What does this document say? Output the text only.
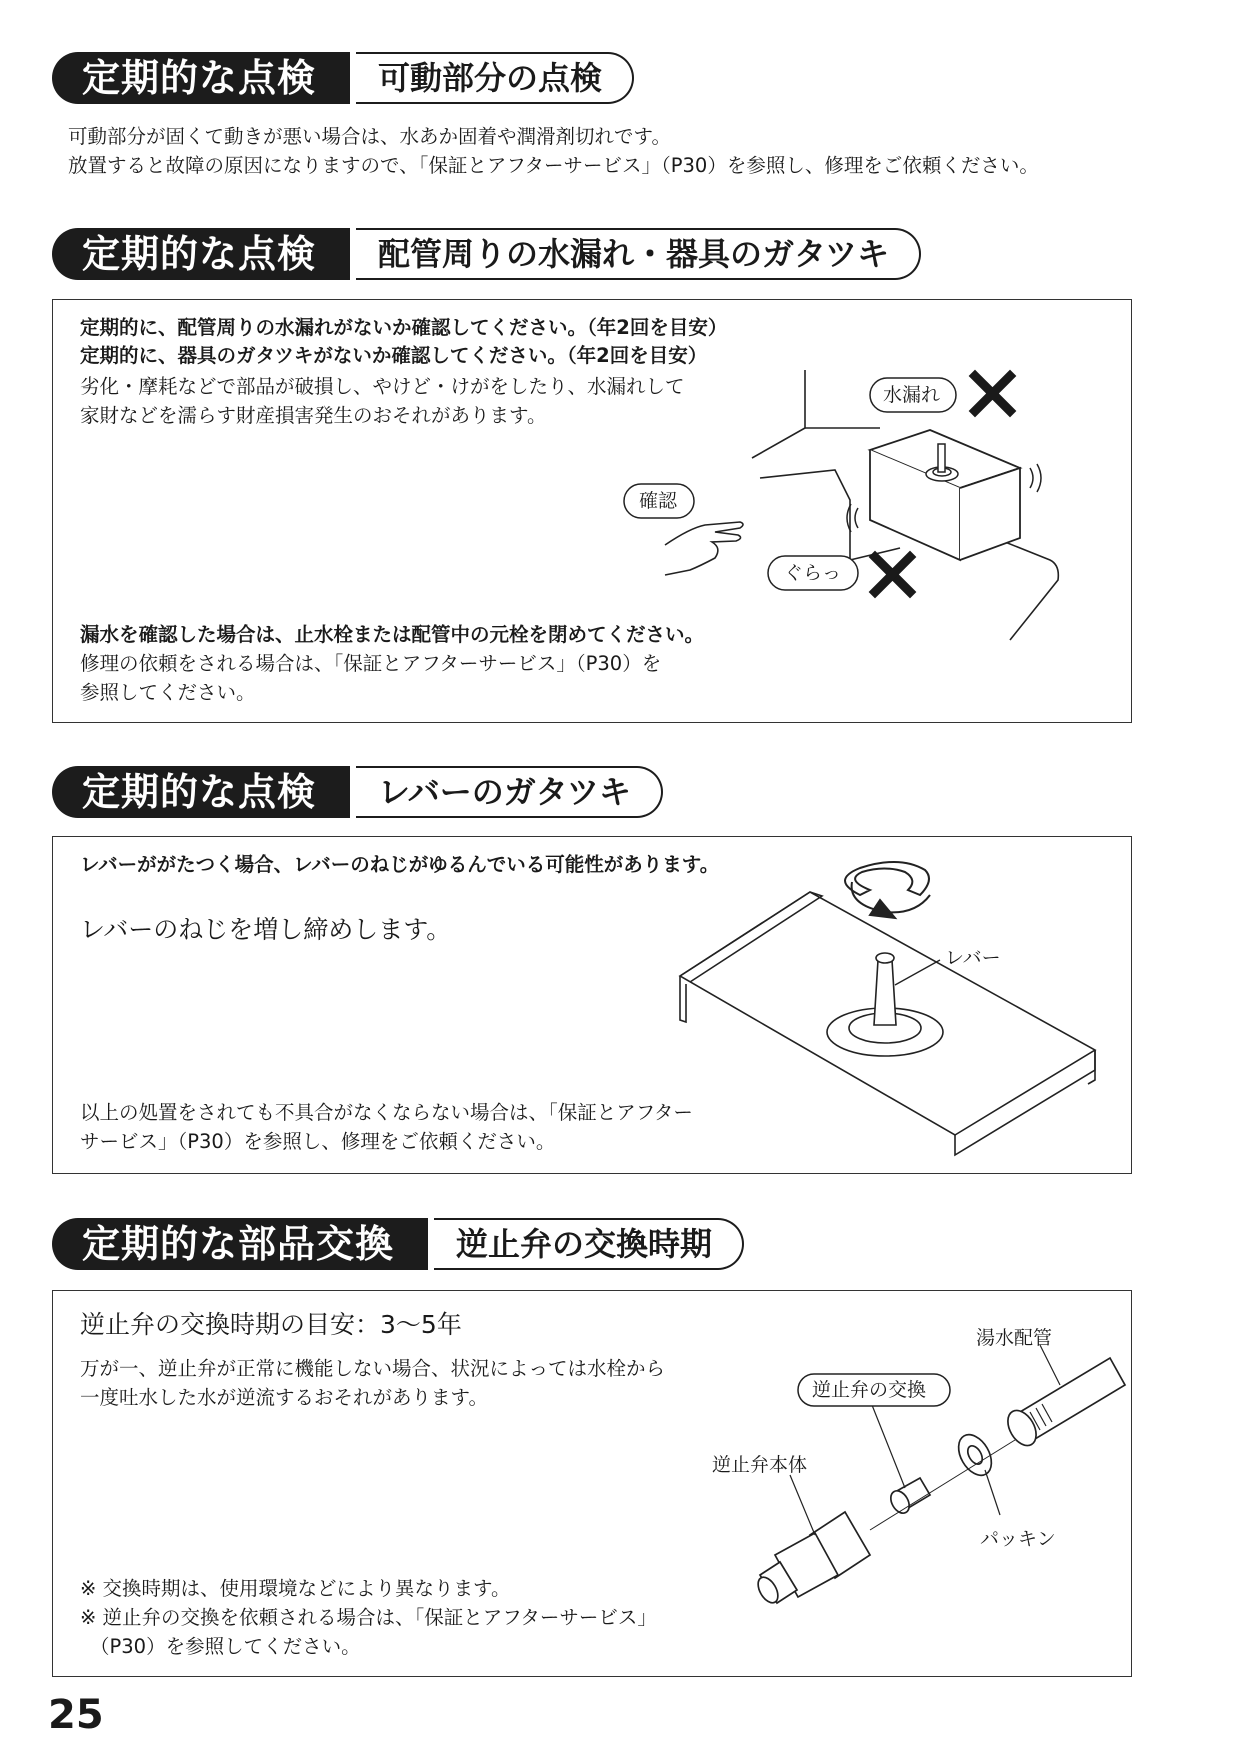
定期的な点検	可動部分の点検
可動部分が固くて動きが悪い場合は、水あか固着や潤滑剤切れです。
放置すると故障の原因になりますので、「保証とアフターサービス」（P30）を参照し、修理をご依頼ください。
定期的な点検	配管周りの水漏れ・器具のガタツキ
定期的に、配管周りの水漏れがないか確認してください。（年2回を目安）
定期的に、器具のガタツキがないか確認してください。（年2回を目安）
劣化・摩耗などで部品が破損し、やけど・けがをしたり、水漏れして
家財などを濡らす財産損害発生のおそれがあります。
漏水を確認した場合は、止水栓または配管中の元栓を閉めてください。
修理の依頼をされる場合は、「保証とアフターサービス」（P30）を
参照してください。
水漏れ
確認
ぐらっ
定期的な点検	レバーのガタツキ
レバーががたつく場合、レバーのねじがゆるんでいる可能性があります。
レバーのねじを増し締めします。
以上の処置をされても不具合がなくならない場合は、「保証とアフター
サービス」（P30）を参照し、修理をご依頼ください。
レバー
定期的な部品交換	逆止弁の交換時期
逆止弁の交換時期の目安：3～5年
万が一、逆止弁が正常に機能しない場合、状況によっては水栓から
一度吐水した水が逆流するおそれがあります。
※ 交換時期は、使用環境などにより異なります。
※ 逆止弁の交換を依頼される場合は、「保証とアフターサービス」
（P30）を参照してください。
湯水配管
逆止弁の交換
逆止弁本体
パッキン
25
